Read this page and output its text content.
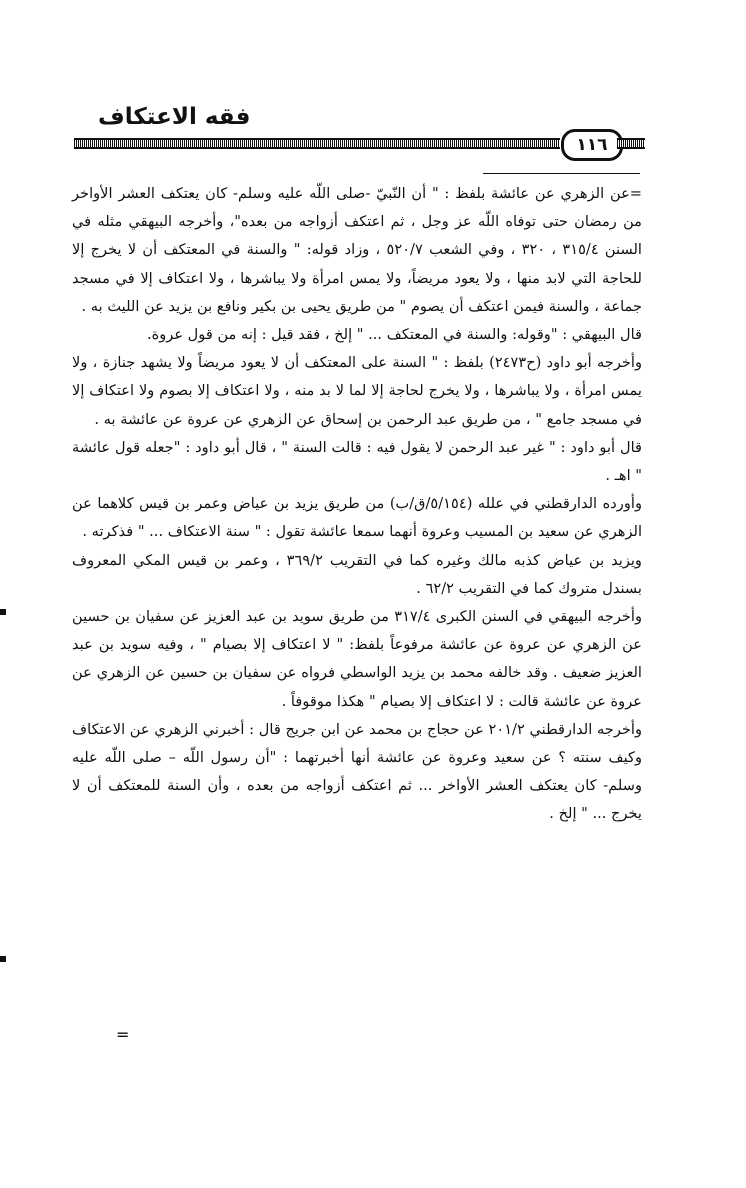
فقه الاعتكاف
١١٦

=عن الزهري عن عائشة بلفظ : " أن النّبيّ -صلى اللّه عليه وسلم- كان يعتكف العشر الأواخر من رمضان حتى توفاه اللّه عز وجل ، ثم اعتكف أزواجه من بعده"، وأخرجه البيهقي مثله في السنن ٣١٥/٤ ، ٣٢٠ ، وفي الشعب ٥٢٠/٧ ، وزاد قوله: " والسنة في المعتكف أن لا يخرج إلا للحاجة التي لابد منها ، ولا يعود مريضاً، ولا يمس امرأة ولا يباشرها ، ولا اعتكاف إلا في مسجد جماعة ، والسنة فيمن اعتكف أن يصوم " من طريق يحيى بن بكير ونافع بن يزيد عن الليث به .

قال البيهقي : "وقوله: والسنة في المعتكف ... " إلخ ، فقد قيل : إنه من قول عروة.

وأخرجه أبو داود (ح٢٤٧٣) بلفظ : " السنة على المعتكف أن لا يعود مريضاً ولا يشهد جنازة ، ولا يمس امرأة ، ولا يباشرها ، ولا يخرج لحاجة إلا لما لا بد منه ، ولا اعتكاف إلا بصوم ولا اعتكاف إلا في مسجد جامع " ، من طريق عبد الرحمن بن إسحاق عن الزهري عن عروة عن عائشة به .

قال أبو داود : " غير عبد الرحمن لا يقول فيه : قالت السنة " ، قال أبو داود : "جعله قول عائشة " اهـ .

وأورده الدارقطني في علله (٥/١٥٤/ق/ب) من طريق يزيد بن عياض وعمر بن قيس كلاهما عن الزهري عن سعيد بن المسيب وعروة أنهما سمعا عائشة تقول : " سنة الاعتكاف ... " فذكرته .

ويزيد بن عياض كذبه مالك وغيره كما في التقريب ٣٦٩/٢ ، وعمر بن قيس المكي المعروف بسندل متروك كما في التقريب ٦٢/٢ .

وأخرجه البيهقي في السنن الكبرى ٣١٧/٤ من طريق سويد بن عبد العزيز عن سفيان بن حسين عن الزهري عن عروة عن عائشة مرفوعاً بلفظ: " لا اعتكاف إلا بصيام " ، وفيه سويد بن عبد العزيز ضعيف . وقد خالفه محمد بن يزيد الواسطي فرواه عن سفيان بن حسين عن الزهري عن عروة عن عائشة قالت : لا اعتكاف إلا بصيام " هكذا موقوفاً .

وأخرجه الدارقطني ٢٠١/٢ عن حجاج بن محمد عن ابن جريج قال : أخبرني الزهري عن الاعتكاف وكيف سنته ؟ عن سعيد وعروة عن عائشة أنها أخبرتهما : "أن رسول اللّه – صلى اللّه عليه وسلم- كان يعتكف العشر الأواخر ... ثم اعتكف أزواجه من بعده ، وأن السنة للمعتكف أن لا يخرج ... " إلخ .

=
